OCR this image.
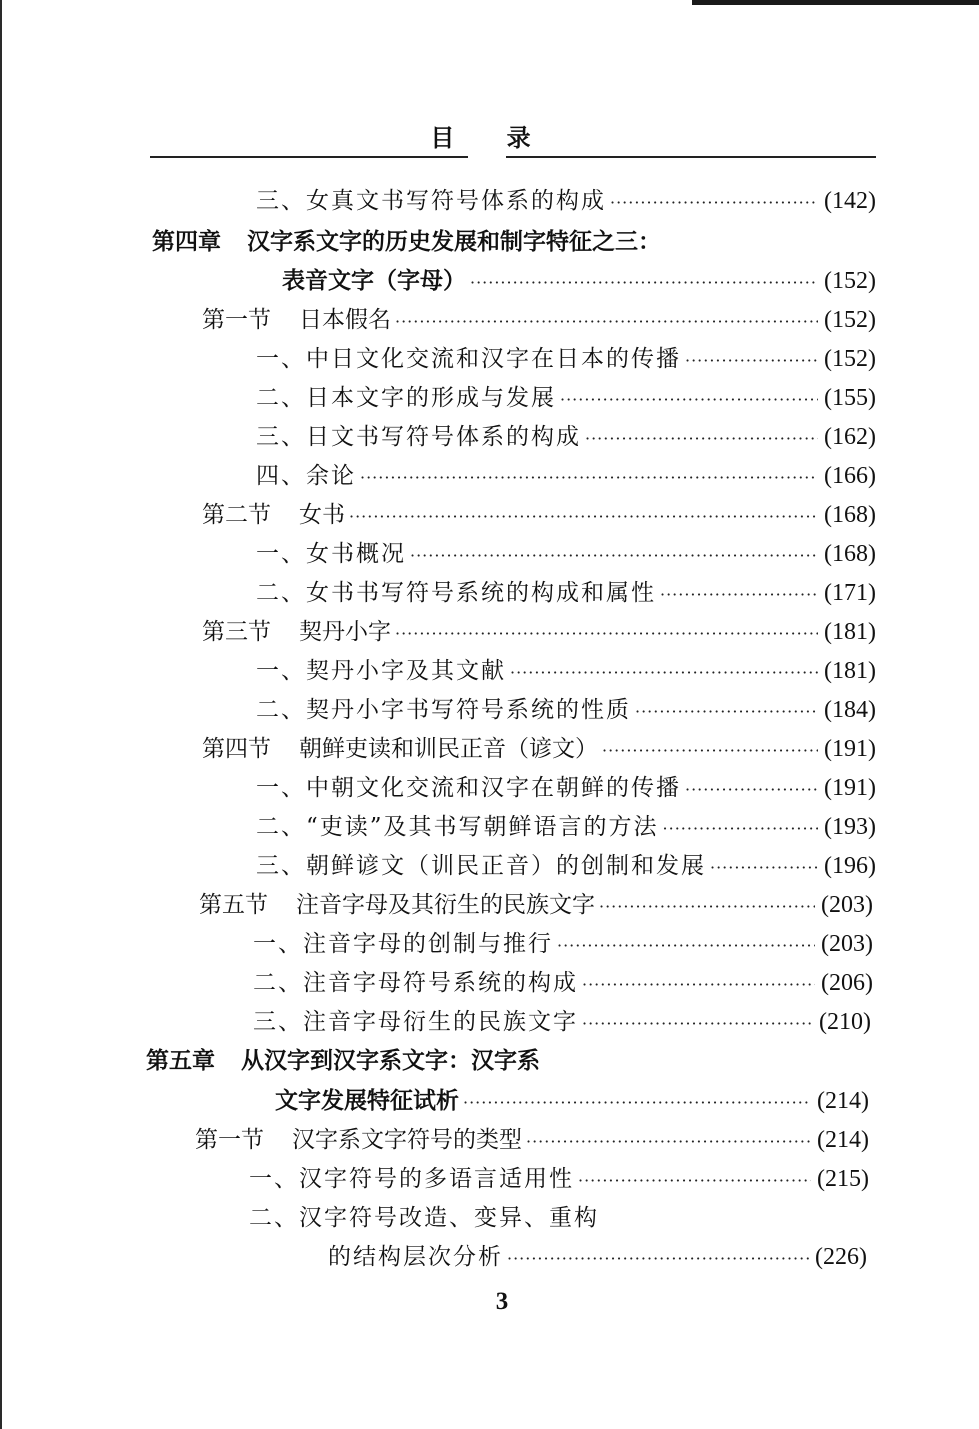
目 录
三、女真文书写符号体系的构成 ·····	(142)
第四章 汉字系文字的历史发展和制字特征之三：
表音文字（字母） ·····	(152)
第一节 日本假名 ·····	(152)
一、中日文化交流和汉字在日本的传播 ·····	(152)
二、日本文字的形成与发展 ·····	(155)
三、日文书写符号体系的构成 ·····	(162)
四、余论 ·····	(166)
第二节 女书 ·····	(168)
一、女书概况 ·····	(168)
二、女书书写符号系统的构成和属性 ·····	(171)
第三节 契丹小字 ·····	(181)
一、契丹小字及其文献 ·····	(181)
二、契丹小字书写符号系统的性质 ·····	(184)
第四节 朝鲜吏读和训民正音（谚文） ·····	(191)
一、中朝文化交流和汉字在朝鲜的传播 ·····	(191)
二、“吏读”及其书写朝鲜语言的方法 ·····	(193)
三、朝鲜谚文（训民正音）的创制和发展 ·····	(196)
第五节 注音字母及其衍生的民族文字 ·····	(203)
一、注音字母的创制与推行 ·····	(203)
二、注音字母符号系统的构成 ·····	(206)
三、注音字母衍生的民族文字 ·····	(210)
第五章 从汉字到汉字系文字：汉字系
文字发展特征试析 ·····	(214)
第一节 汉字系文字符号的类型 ·····	(214)
一、汉字符号的多语言适用性 ·····	(215)
二、汉字符号改造、变异、重构
的结构层次分析 ·····	(226)
3
